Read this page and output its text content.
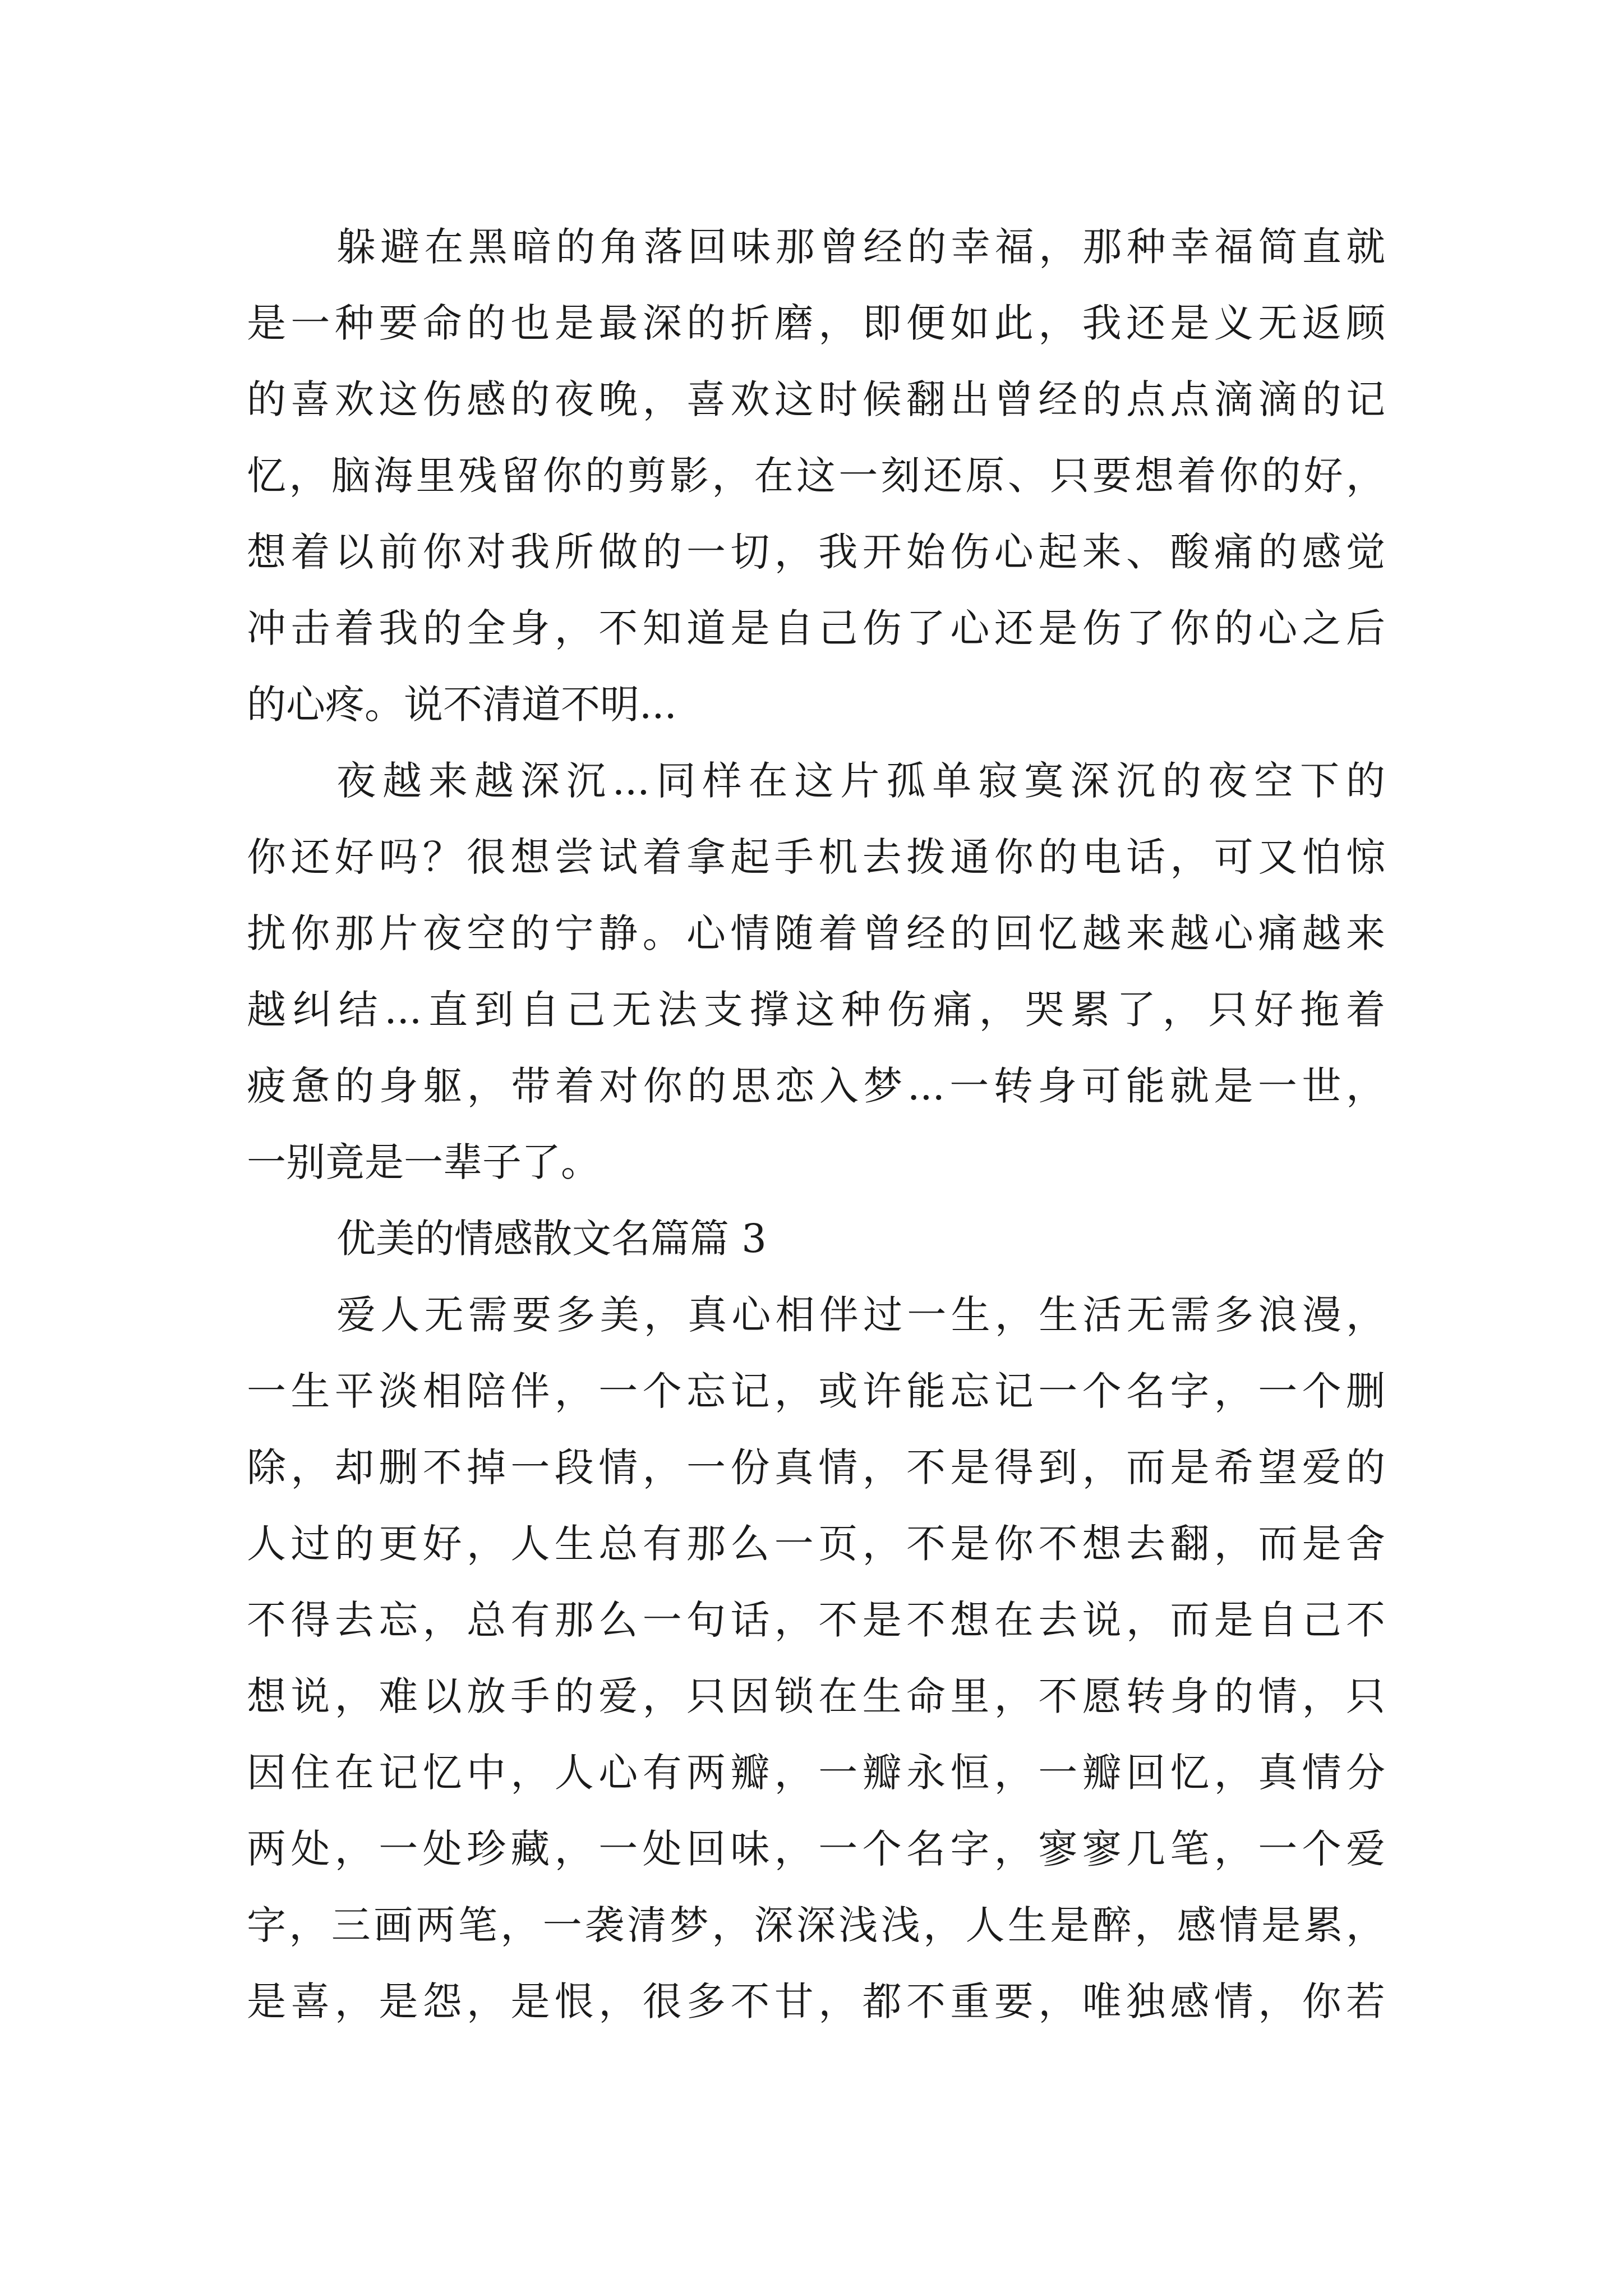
躲避在黑暗的角落回味那曾经的幸福，那种幸福简直就
是一种要命的也是最深的折磨，即便如此，我还是义无返顾
的喜欢这伤感的夜晚，喜欢这时候翻出曾经的点点滴滴的记
忆，脑海里残留你的剪影，在这一刻还原、只要想着你的好，
想着以前你对我所做的一切，我开始伤心起来、酸痛的感觉
冲击着我的全身，不知道是自己伤了心还是伤了你的心之后
的心疼。说不清道不明...
夜越来越深沉...同样在这片孤单寂寞深沉的夜空下的
你还好吗？很想尝试着拿起手机去拨通你的电话，可又怕惊
扰你那片夜空的宁静。心情随着曾经的回忆越来越心痛越来
越纠结...直到自己无法支撑这种伤痛，哭累了，只好拖着
疲惫的身躯，带着对你的思恋入梦...一转身可能就是一世，
一别竟是一辈子了。
优美的情感散文名篇篇 3
爱人无需要多美，真心相伴过一生，生活无需多浪漫，
一生平淡相陪伴，一个忘记，或许能忘记一个名字，一个删
除，却删不掉一段情，一份真情，不是得到，而是希望爱的
人过的更好，人生总有那么一页，不是你不想去翻，而是舍
不得去忘，总有那么一句话，不是不想在去说，而是自己不
想说，难以放手的爱，只因锁在生命里，不愿转身的情，只
因住在记忆中，人心有两瓣，一瓣永恒，一瓣回忆，真情分
两处，一处珍藏，一处回味，一个名字，寥寥几笔，一个爱
字，三画两笔，一袭清梦，深深浅浅，人生是醉，感情是累，
是喜，是怨，是恨，很多不甘，都不重要，唯独感情，你若
